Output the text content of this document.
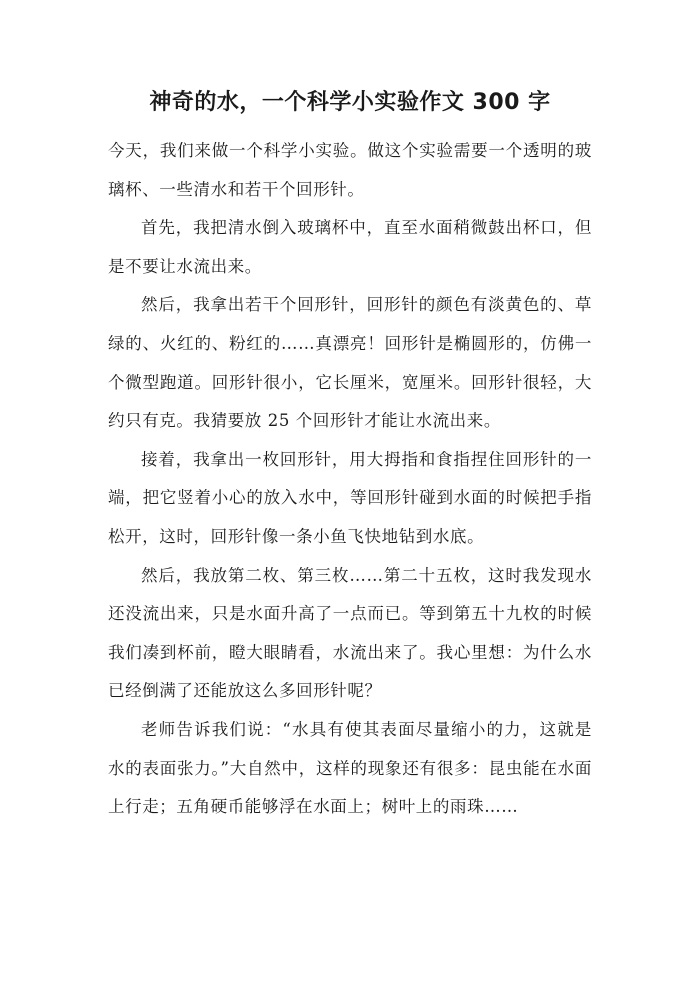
神奇的水，一个科学小实验作文 300 字

今天，我们来做一个科学小实验。做这个实验需要一个透明的玻璃杯、一些清水和若干个回形针。

首先，我把清水倒入玻璃杯中，直至水面稍微鼓出杯口，但是不要让水流出来。

然后，我拿出若干个回形针，回形针的颜色有淡黄色的、草绿的、火红的、粉红的……真漂亮！回形针是椭圆形的，仿佛一个微型跑道。回形针很小，它长厘米，宽厘米。回形针很轻，大约只有克。我猜要放 25 个回形针才能让水流出来。

接着，我拿出一枚回形针，用大拇指和食指捏住回形针的一端，把它竖着小心的放入水中，等回形针碰到水面的时候把手指松开，这时，回形针像一条小鱼飞快地钻到水底。

然后，我放第二枚、第三枚……第二十五枚，这时我发现水还没流出来，只是水面升高了一点而已。等到第五十九枚的时候我们凑到杯前，瞪大眼睛看，水流出来了。我心里想：为什么水已经倒满了还能放这么多回形针呢？

老师告诉我们说：“水具有使其表面尽量缩小的力，这就是水的表面张力。”大自然中，这样的现象还有很多：昆虫能在水面上行走；五角硬币能够浮在水面上；树叶上的雨珠……
